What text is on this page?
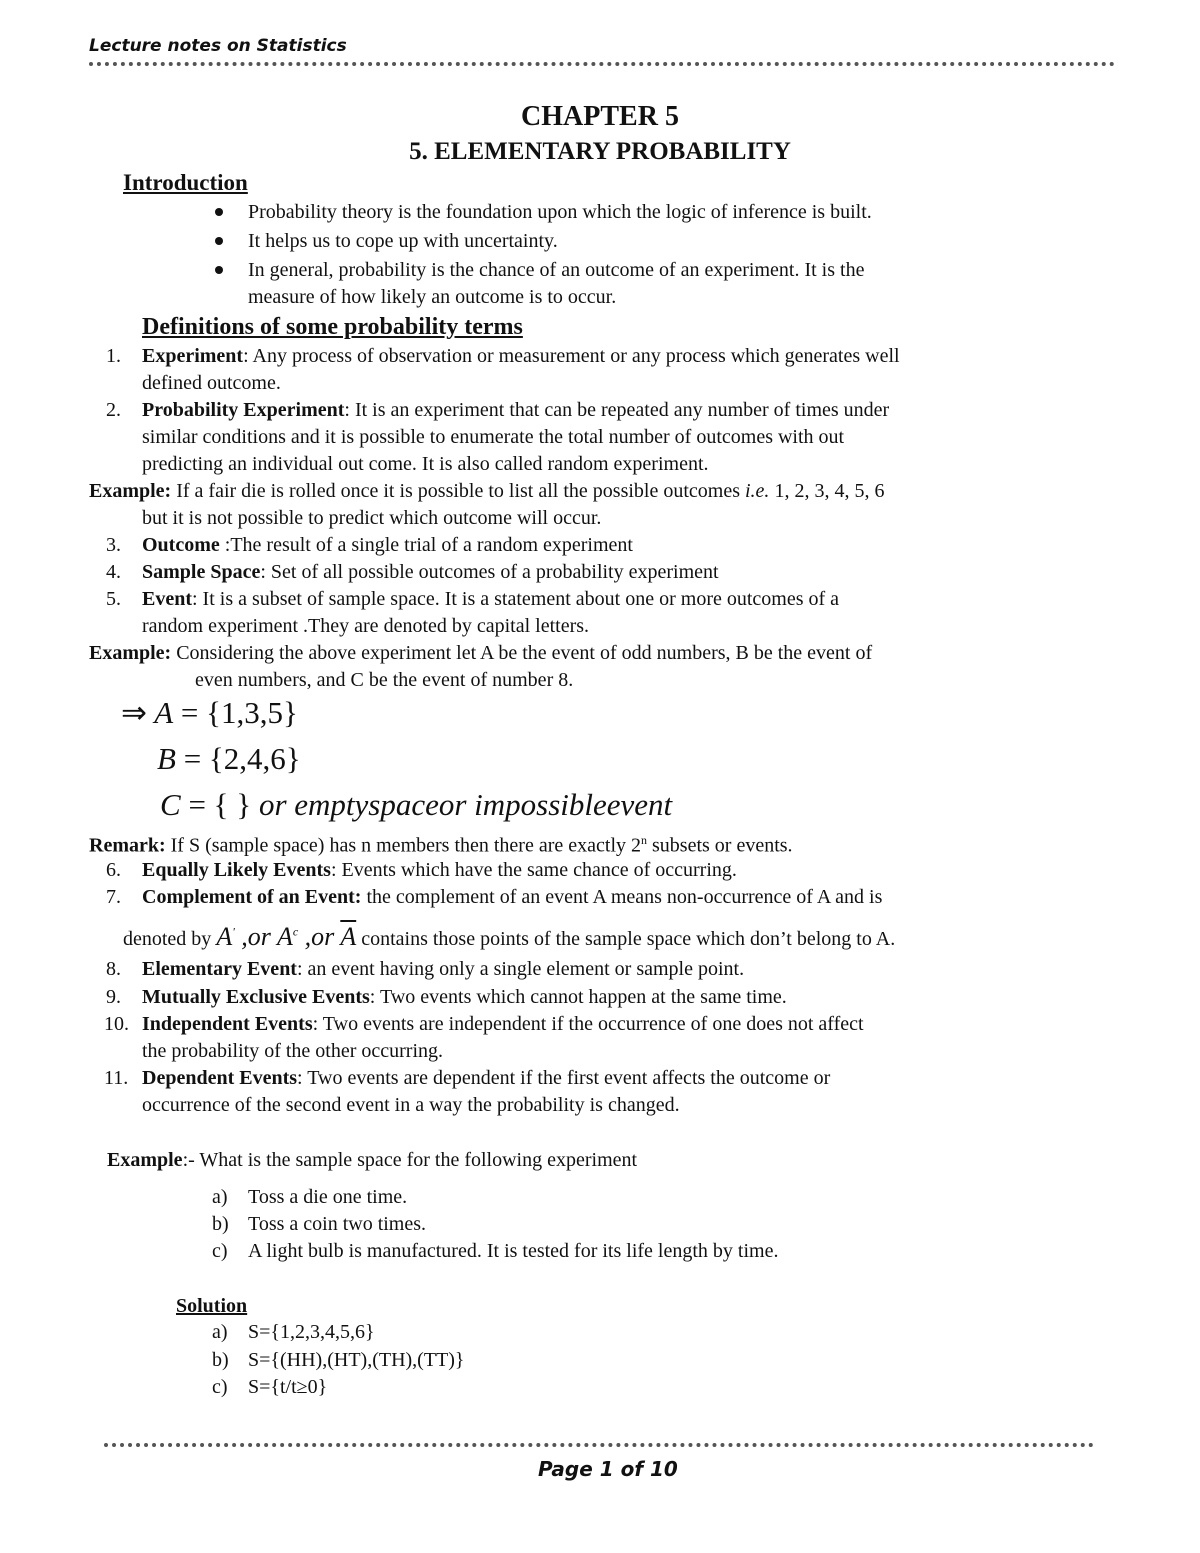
Lecture notes on Statistics
CHAPTER 5
5. ELEMENTARY PROBABILITY
Introduction
Probability theory is the foundation upon which the logic of inference is built.
It helps us to cope up with uncertainty.
In general, probability is the chance of an outcome of an experiment. It is the
measure of how likely an outcome is to occur.
Definitions of some probability terms
1. Experiment: Any process of observation or measurement or any process which generates well
defined outcome.
2. Probability Experiment: It is an experiment that can be repeated any number of times under
similar conditions and it is possible to enumerate the total number of outcomes with out
predicting an individual out come. It is also called random experiment.
Example: If a fair die is rolled once it is possible to list all the possible outcomes i.e. 1, 2, 3, 4, 5, 6
but it is not possible to predict which outcome will occur.
3. Outcome :The result of a single trial of a random experiment
4. Sample Space: Set of all possible outcomes of a probability experiment
5. Event: It is a subset of sample space. It is a statement about one or more outcomes of a
random experiment .They are denoted by capital letters.
Example: Considering the above experiment let A be the event of odd numbers, B be the event of
even numbers, and C be the event of number 8.
⇒ A = {1,3,5}
B = {2,4,6}
C = { } or emptyspaceor impossibleevent
Remark: If S (sample space) has n members then there are exactly 2$^n$ subsets or events.
6. Equally Likely Events: Events which have the same chance of occurring.
7. Complement of an Event: the complement of an event A means non-occurrence of A and is
denoted by A' ,or $A^c$ ,or $\overline{A}$ contains those points of the sample space which don’t belong to A.
8. Elementary Event: an event having only a single element or sample point.
9. Mutually Exclusive Events: Two events which cannot happen at the same time.
10. Independent Events: Two events are independent if the occurrence of one does not affect
the probability of the other occurring.
11. Dependent Events: Two events are dependent if the first event affects the outcome or
occurrence of the second event in a way the probability is changed.
Example:- What is the sample space for the following experiment
a) Toss a die one time.
b) Toss a coin two times.
c) A light bulb is manufactured. It is tested for its life length by time.
Solution
a) S={1,2,3,4,5,6}
b) S={(HH),(HT),(TH),(TT)}
c) S={t/t≥0}
Page 1 of 10
